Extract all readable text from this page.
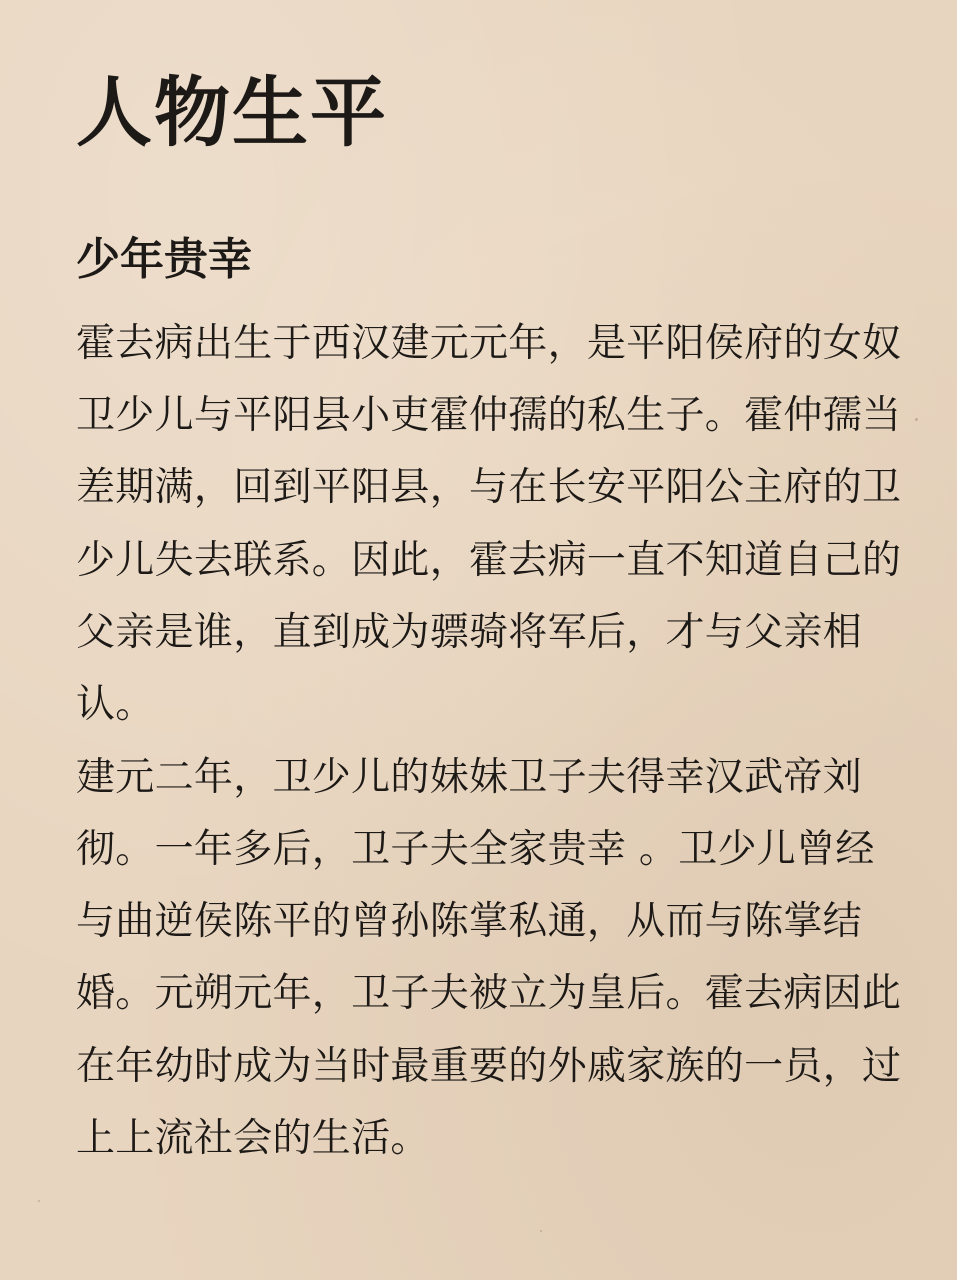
人物生平
少年贵幸

霍去病出生于西汉建元元年，是平阳侯府的女奴

卫少儿与平阳县小吏霍仲孺的私生子。霍仲孺当

差期满，回到平阳县，与在长安平阳公主府的卫

少儿失去联系。因此，霍去病一直不知道自己的

父亲是谁，直到成为骠骑将军后，才与父亲相

认。

建元二年，卫少儿的妹妹卫子夫得幸汉武帝刘

彻。一年多后，卫子夫全家贵幸 。卫少儿曾经

与曲逆侯陈平的曾孙陈掌私通，从而与陈掌结

婚。元朔元年，卫子夫被立为皇后。霍去病因此

在年幼时成为当时最重要的外戚家族的一员，过

上上流社会的生活。
